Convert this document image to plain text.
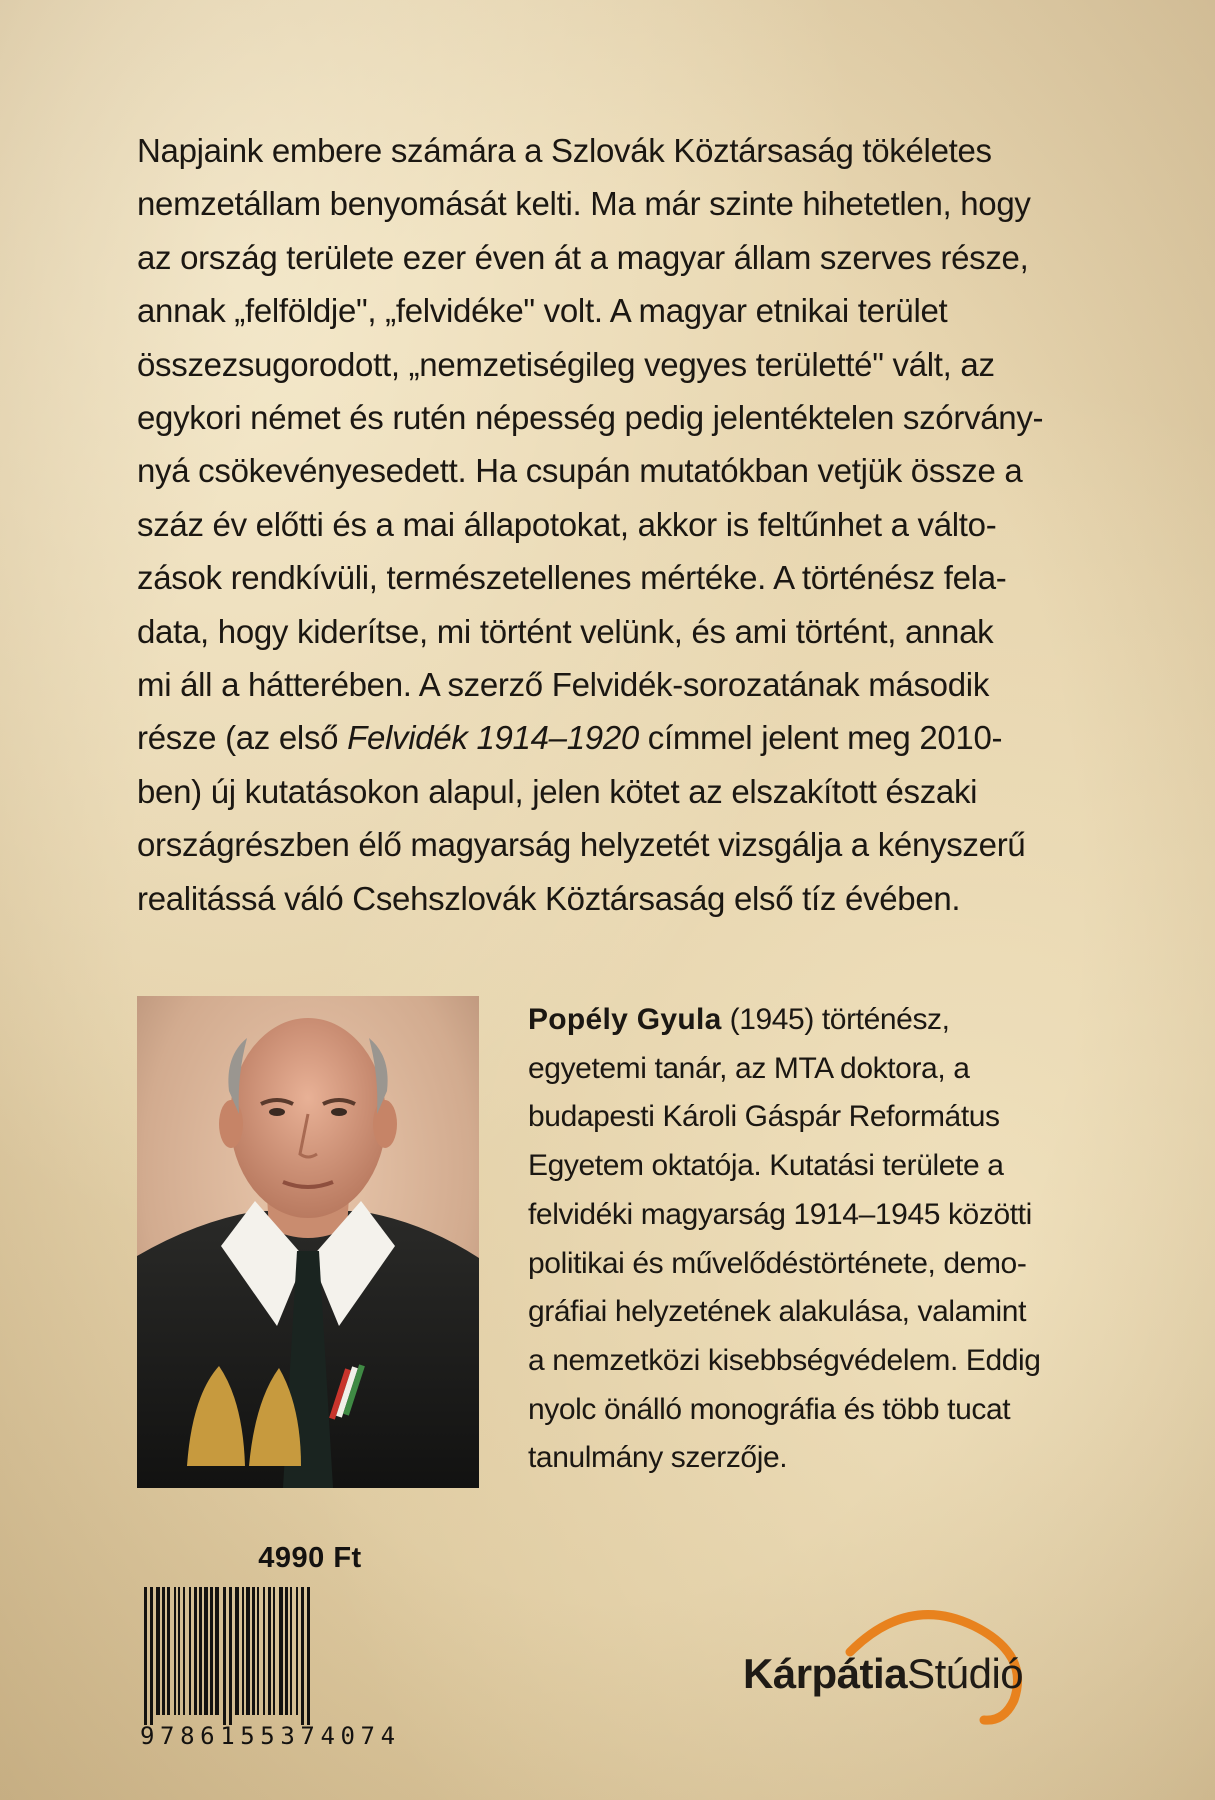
Napjaink embere számára a Szlovák Köztársaság tökéletes
nemzetállam benyomását kelti. Ma már szinte hihetetlen, hogy
az ország területe ezer éven át a magyar állam szerves része,
annak „felföldje", „felvidéke" volt. A magyar etnikai terület
összezsugorodott, „nemzetiségileg vegyes területté" vált, az
egykori német és rutén népesség pedig jelentéktelen szórvány-
nyá csökevényesedett. Ha csupán mutatókban vetjük össze a
száz év előtti és a mai állapotokat, akkor is feltűnhet a válto-
zások rendkívüli, természetellenes mértéke. A történész fela-
data, hogy kiderítse, mi történt velünk, és ami történt, annak
mi áll a hátterében. A szerző Felvidék-sorozatának második
része (az első Felvidék 1914–1920 címmel jelent meg 2010-
ben) új kutatásokon alapul, jelen kötet az elszakított északi
országrészben élő magyarság helyzetét vizsgálja a kényszerű
realitássá váló Csehszlovák Köztársaság első tíz évében.
Popély Gyula (1945) történész,
egyetemi tanár, az MTA doktora, a
budapesti Károli Gáspár Református
Egyetem oktatója. Kutatási területe a
felvidéki magyarság 1914–1945 közötti
politikai és művelődéstörténete, demo-
gráfiai helyzetének alakulása, valamint
a nemzetközi kisebbségvédelem. Eddig
nyolc önálló monográfia és több tucat
tanulmány szerzője.
4990 Ft
9786155374074
KárpátiaStúdió
